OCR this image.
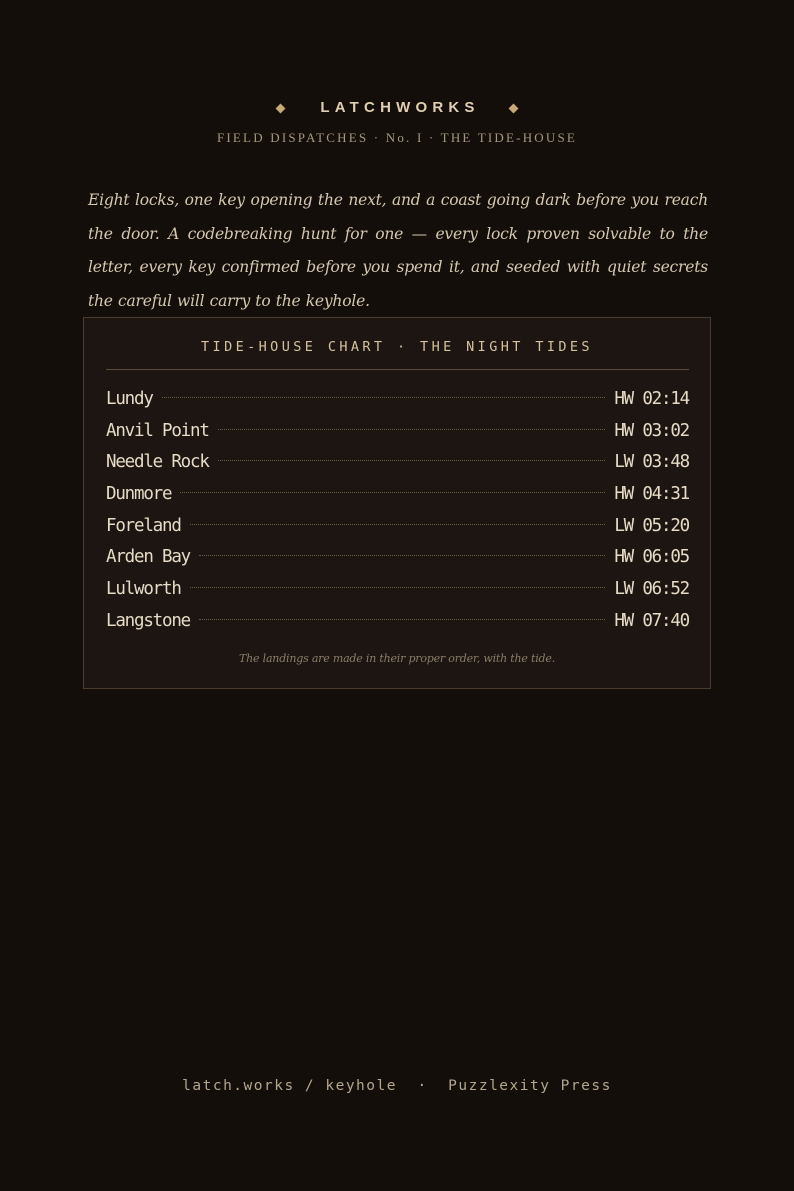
LATCHWORKS
FIELD DISPATCHES · No. I · THE TIDE-HOUSE

Eight locks, one key opening the next, and a coast going dark before you reach the door. A codebreaking hunt for one — every lock proven solvable to the letter, every key confirmed before you spend it, and seeded with quiet secrets the careful will carry to the keyhole.

TIDE-HOUSE CHART · THE NIGHT TIDES
Lundy	HW 02:14
Anvil Point	HW 03:02
Needle Rock	LW 03:48
Dunmore	HW 04:31
Foreland	LW 05:20
Arden Bay	HW 06:05
Lulworth	LW 06:52
Langstone	HW 07:40
The landings are made in their proper order, with the tide.
latch.works / keyhole · Puzzlexity Press
